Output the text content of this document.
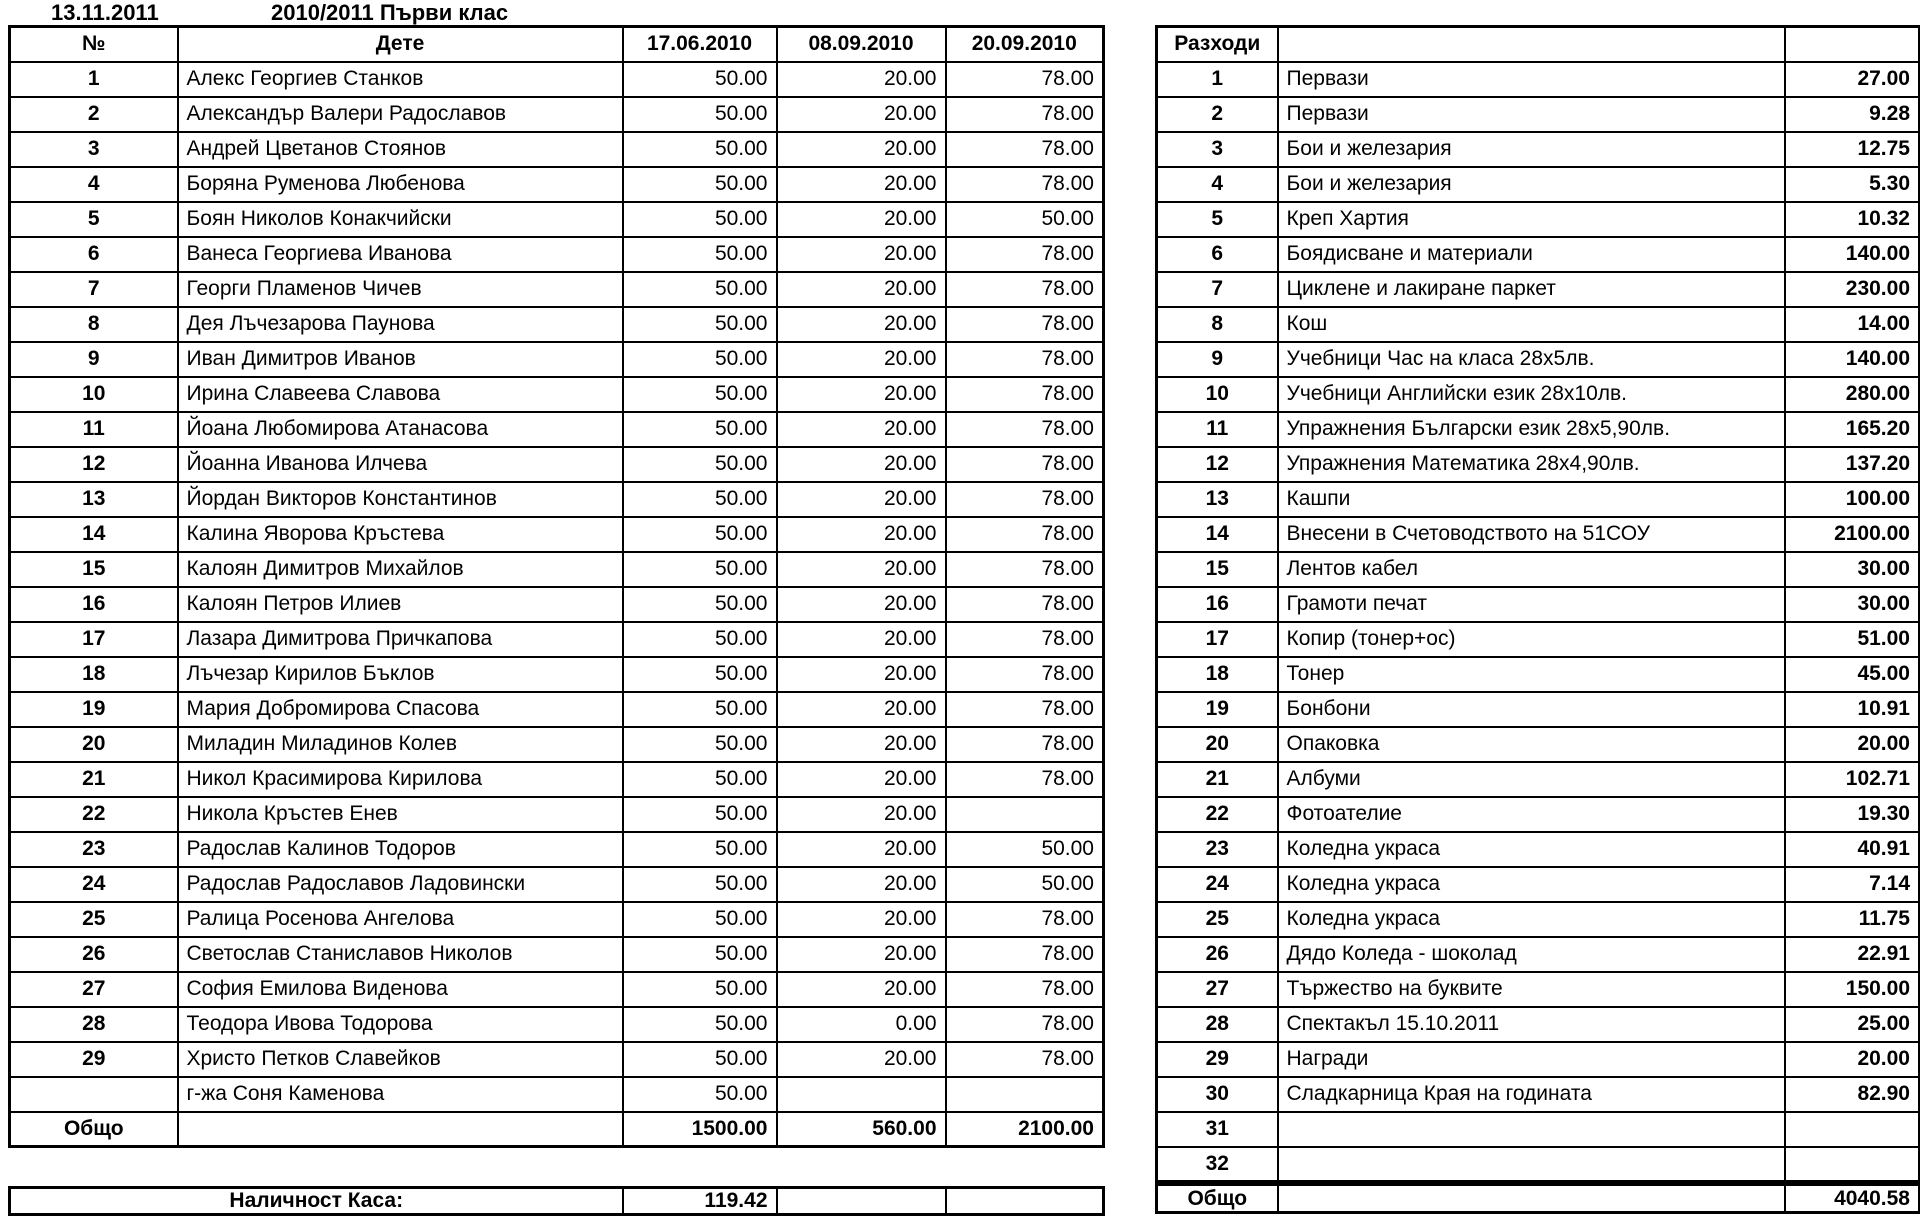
13.11.2011	2010/2011 Първи клас
№	Дете	17.06.2010	08.09.2010	20.09.2010
1	Алекс Георгиев Станков	50.00	20.00	78.00
2	Александър Валери Радославов	50.00	20.00	78.00
3	Андрей Цветанов Стоянов	50.00	20.00	78.00
4	Боряна Руменова Любенова	50.00	20.00	78.00
5	Боян Николов Конакчийски	50.00	20.00	50.00
6	Ванеса Георгиева Иванова	50.00	20.00	78.00
7	Георги Пламенов Чичев	50.00	20.00	78.00
8	Дея Лъчезарова Паунова	50.00	20.00	78.00
9	Иван Димитров Иванов	50.00	20.00	78.00
10	Ирина Славеева Славова	50.00	20.00	78.00
11	Йоана Любомирова Атанасова	50.00	20.00	78.00
12	Йоанна Иванова Илчева	50.00	20.00	78.00
13	Йордан Викторов Константинов	50.00	20.00	78.00
14	Калина Яворова Кръстева	50.00	20.00	78.00
15	Калоян Димитров Михайлов	50.00	20.00	78.00
16	Калоян Петров Илиев	50.00	20.00	78.00
17	Лазара Димитрова Причкапова	50.00	20.00	78.00
18	Лъчезар Кирилов Бъклов	50.00	20.00	78.00
19	Мария Добромирова Спасова	50.00	20.00	78.00
20	Миладин Миладинов Колев	50.00	20.00	78.00
21	Никол Красимирова Кирилова	50.00	20.00	78.00
22	Никола Кръстев Енев	50.00	20.00	
23	Радослав Калинов Тодоров	50.00	20.00	50.00
24	Радослав Радославов Ладовински	50.00	20.00	50.00
25	Ралица Росенова Ангелова	50.00	20.00	78.00
26	Светослав Станиславов Николов	50.00	20.00	78.00
27	София Емилова Виденова	50.00	20.00	78.00
28	Теодора Ивова Тодорова	50.00	0.00	78.00
29	Христо Петков Славейков	50.00	20.00	78.00
	г-жа Соня Каменова	50.00		
Общо		1500.00	560.00	2100.00
Наличност Каса:	119.42		
Разходи		
1	Первази	27.00
2	Первази	9.28
3	Бои и железария	12.75
4	Бои и железария	5.30
5	Креп Хартия	10.32
6	Боядисване и материали	140.00
7	Циклене и лакиране паркет	230.00
8	Кош	14.00
9	Учебници Час на класа 28х5лв.	140.00
10	Учебници Английски език 28х10лв.	280.00
11	Упражнения Български език 28х5,90лв.	165.20
12	Упражнения Математика 28х4,90лв.	137.20
13	Кашпи	100.00
14	Внесени в Счетоводството на 51СОУ	2100.00
15	Лентов кабел	30.00
16	Грамоти печат	30.00
17	Копир (тонер+ос)	51.00
18	Тонер	45.00
19	Бонбони	10.91
20	Опаковка	20.00
21	Албуми	102.71
22	Фотоателие	19.30
23	Коледна украса	40.91
24	Коледна украса	7.14
25	Коледна украса	11.75
26	Дядо Коледа - шоколад	22.91
27	Тържество на буквите	150.00
28	Спектакъл 15.10.2011	25.00
29	Награди	20.00
30	Сладкарница Края на годината	82.90
31		
32		
Общо		4040.58
